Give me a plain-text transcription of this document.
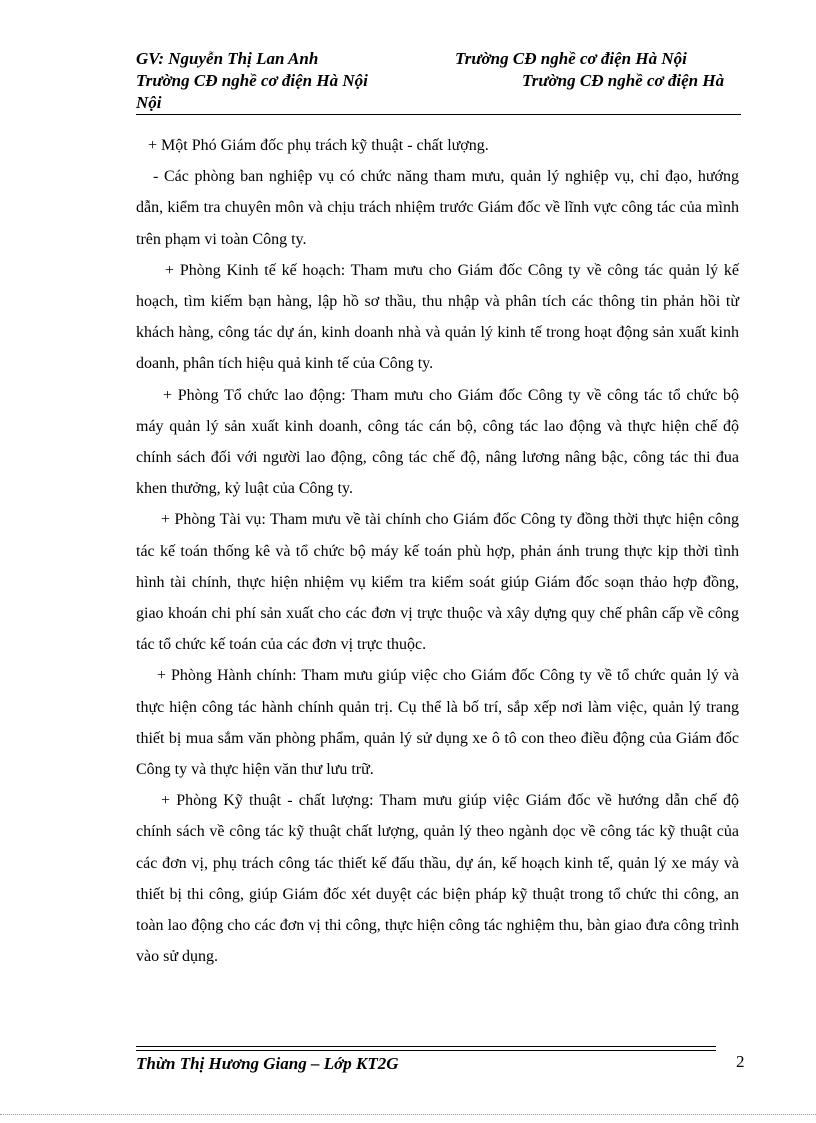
GV: Nguyễn Thị Lan Anh	Trường CĐ nghề cơ điện Hà Nội
Trường CĐ nghề cơ điện Hà Nội	Trường CĐ nghề cơ điện Hà
Nội

+ Một Phó Giám đốc phụ trách kỹ thuật - chất lượng.

- Các phòng ban nghiệp vụ có chức năng tham mưu, quản lý nghiệp vụ, chỉ đạo, hướng dẫn, kiểm tra chuyên môn và chịu trách nhiệm trước Giám đốc về lĩnh vực công tác của mình trên phạm vi toàn Công ty.

+ Phòng Kinh tế kế hoạch: Tham mưu cho Giám đốc Công ty về công tác quản lý kế hoạch, tìm kiếm bạn hàng, lập hồ sơ thầu, thu nhập và phân tích các thông tin phản hồi từ khách hàng, công tác dự án, kinh doanh nhà và quản lý kinh tế trong hoạt động sản xuất kinh doanh, phân tích hiệu quả kinh tế của Công ty.

+ Phòng Tổ chức lao động: Tham mưu cho Giám đốc Công ty về công tác tổ chức bộ máy quản lý sản xuất kinh doanh, công tác cán bộ, công tác lao động và thực hiện chế độ chính sách đối với người lao động, công tác chế độ, nâng lương nâng bậc, công tác thi đua khen thưởng, kỷ luật của Công ty.

+ Phòng Tài vụ: Tham mưu về tài chính cho Giám đốc Công ty đồng thời thực hiện công tác kế toán thống kê và tổ chức bộ máy kế toán phù hợp, phản ánh trung thực kịp thời tình hình tài chính, thực hiện nhiệm vụ kiểm tra kiểm soát giúp Giám đốc soạn thảo hợp đồng, giao khoán chi phí sản xuất cho các đơn vị trực thuộc và xây dựng quy chế phân cấp về công tác tổ chức kế toán của các đơn vị trực thuộc.

+ Phòng Hành chính: Tham mưu giúp việc cho Giám đốc Công ty về tổ chức quản lý và thực hiện công tác hành chính quản trị. Cụ thể là bố trí, sắp xếp nơi làm việc, quản lý trang thiết bị mua sắm văn phòng phẩm, quản lý sử dụng xe ô tô con theo điều động của Giám đốc Công ty và thực hiện văn thư lưu trữ.

+ Phòng Kỹ thuật - chất lượng: Tham mưu giúp việc Giám đốc về hướng dẫn chế độ chính sách về công tác kỹ thuật chất lượng, quản lý theo ngành dọc về công tác kỹ thuật của các đơn vị, phụ trách công tác thiết kế đấu thầu, dự án, kế hoạch kinh tế, quản lý xe máy và thiết bị thi công, giúp Giám đốc xét duyệt các biện pháp kỹ thuật trong tổ chức thi công, an toàn lao động cho các đơn vị thi công, thực hiện công tác nghiệm thu, bàn giao đưa công trình vào sử dụng.

Thừn Thị Hương Giang – Lớp KT2G	2
